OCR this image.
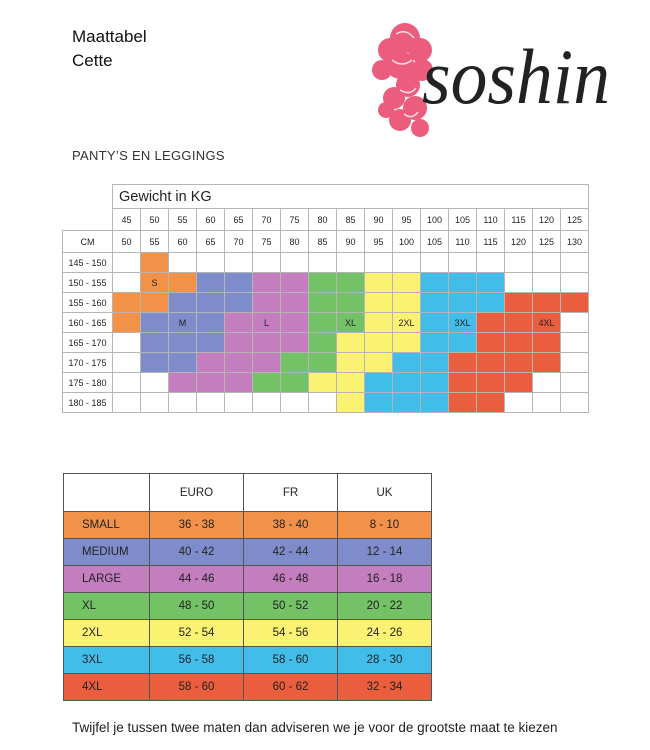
Maattabel
Cette	soshin
PANTY’S EN LEGGINGS
	Gewicht in KG																
	45	50	55	60	65	70	75	80	85	90	95	100	105	110	115	120	125
CM	50	55	60	65	70	75	80	85	90	95	100	105	110	115	120	125	130
145 - 150																	
150 - 155		S															
155 - 160																	
160 - 165			M			L			XL		2XL		3XL			4XL	
165 - 170																	
170 - 175																	
175 - 180																	
180 - 185																	
	EURO	FR	UK
SMALL	36 - 38	38 - 40	8 - 10
MEDIUM	40 - 42	42 - 44	12 - 14
LARGE	44 - 46	46 - 48	16 - 18
XL	48 - 50	50 - 52	20 - 22
2XL	52 - 54	54 - 56	24 - 26
3XL	56 - 58	58 - 60	28 - 30
4XL	58 - 60	60 - 62	32 - 34
Twijfel je tussen twee maten dan adviseren we je voor de grootste maat te kiezen
